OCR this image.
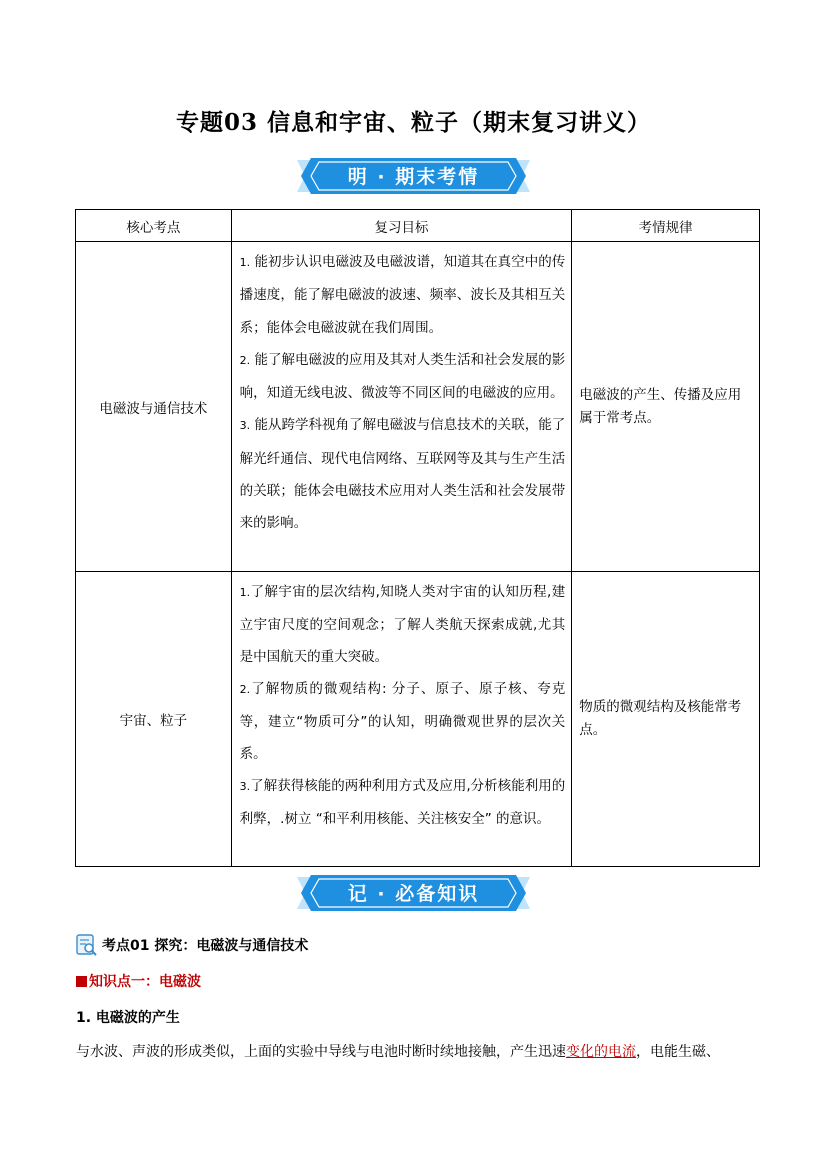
专题03 信息和宇宙、粒子（期末复习讲义）
明 · 期末考情
核心考点	复习目标	考情规律
电磁波与通信技术	1. 能初步认识电磁波及电磁波谱，知道其在真空中的传播速度，能了解电磁波的波速、频率、波长及其相互关系；能体会电磁波就在我们周围。
2. 能了解电磁波的应用及其对人类生活和社会发展的影响，知道无线电波、微波等不同区间的电磁波的应用。
3. 能从跨学科视角了解电磁波与信息技术的关联，能了解光纤通信、现代电信网络、互联网等及其与生产生活的关联；能体会电磁技术应用对人类生活和社会发展带来的影响。	电磁波的产生、传播及应用属于常考点。
宇宙、粒子	1.了解宇宙的层次结构,知晓人类对宇宙的认知历程,建立宇宙尺度的空间观念；了解人类航天探索成就,尤其是中国航天的重大突破。
2.了解物质的微观结构: 分子、原子、原子核、夸克等，建立“物质可分”的认知，明确微观世界的层次关系。
3.了解获得核能的两种利用方式及应用,分析核能利用的利弊，.树立 “和平利用核能、关注核安全” 的意识。	物质的微观结构及核能常考点。
记 · 必备知识
考点01 探究：电磁波与通信技术
知识点一：电磁波
1. 电磁波的产生
与水波、声波的形成类似，上面的实验中导线与电池时断时续地接触，产生迅速变化的电流，电能生磁、
